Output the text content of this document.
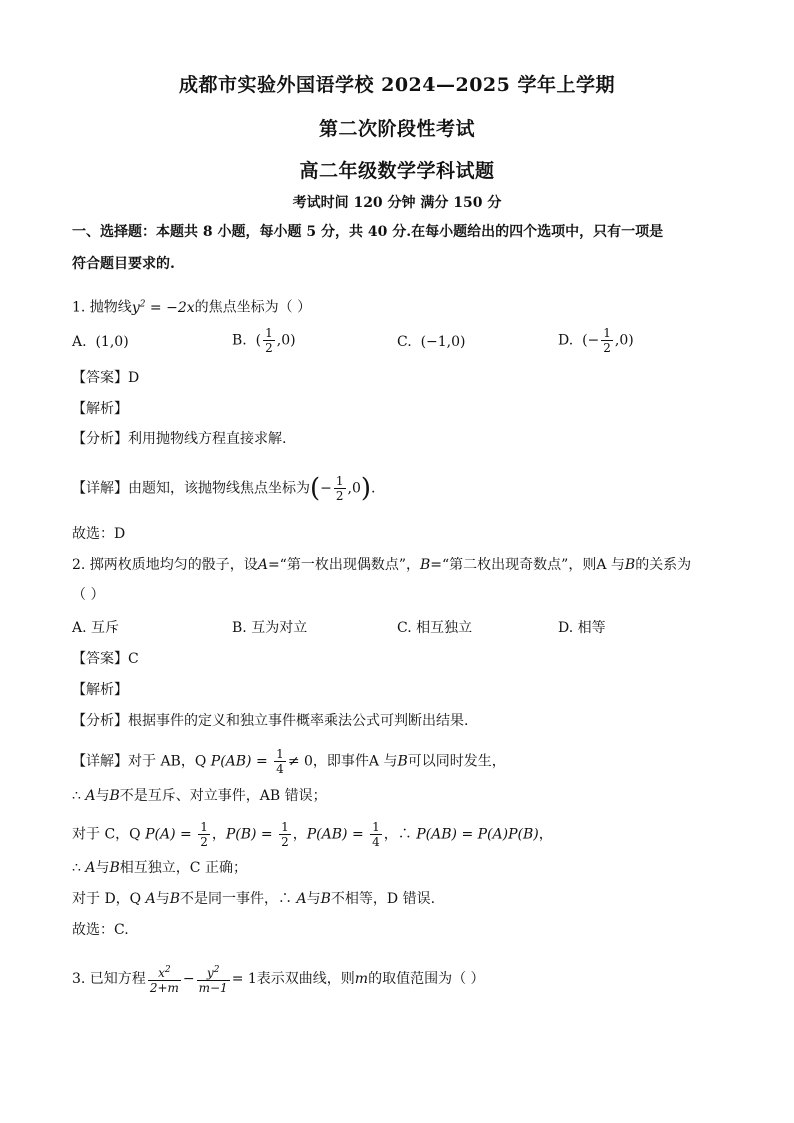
成都市实验外国语学校 2024—2025 学年上学期
第二次阶段性考试
高二年级数学学科试题
考试时间 120 分钟 满分 150 分
一、选择题：本题共 8 小题，每小题 5 分，共 40 分.在每小题给出的四个选项中，只有一项是
符合题目要求的.
1. 抛物线$y^2 = -2x$的焦点坐标为（ ）
A. (1,0)	B.  ( $\frac{1}{2} ,0$)	C. (−1,0)	D.  (− $\frac{1}{2} ,0$)
【答案】D
【解析】
【分析】利用抛物线方程直接求解.
【详解】由题知，该抛物线焦点坐标为(− $\frac{1}{2} ,0$).
故选：D
2. 掷两枚质地均匀的骰子，设A=“第一枚出现偶数点”，B=“第二枚出现奇数点”，则A 与B的关系为
（ ）
A. 互斥	B. 互为对立	C. 相互独立	D. 相等
【答案】C
【解析】
【分析】根据事件的定义和独立事件概率乘法公式可判断出结果.
【详解】对于 AB，Q $P(AB) = \frac{1}{4} \ne 0$，即事件A 与B可以同时发生，
∴ A与B不是互斥、对立事件，AB 错误；
对于 C，Q $P(A) = \frac{1}{2}$ ，$P(B) = \frac{1}{2}$ ，$P(AB) = \frac{1}{4}$ ，∴ P(AB) = P(A)P(B)，
∴ A与B相互独立，C 正确；
对于 D，Q A与B不是同一事件，∴ A与B不相等，D 错误.
故选：C.
3. 已知方程 $\frac{x^2}{2+m} - \frac{y^2}{m-1} = 1$表示双曲线，则m的取值范围为（ ）
